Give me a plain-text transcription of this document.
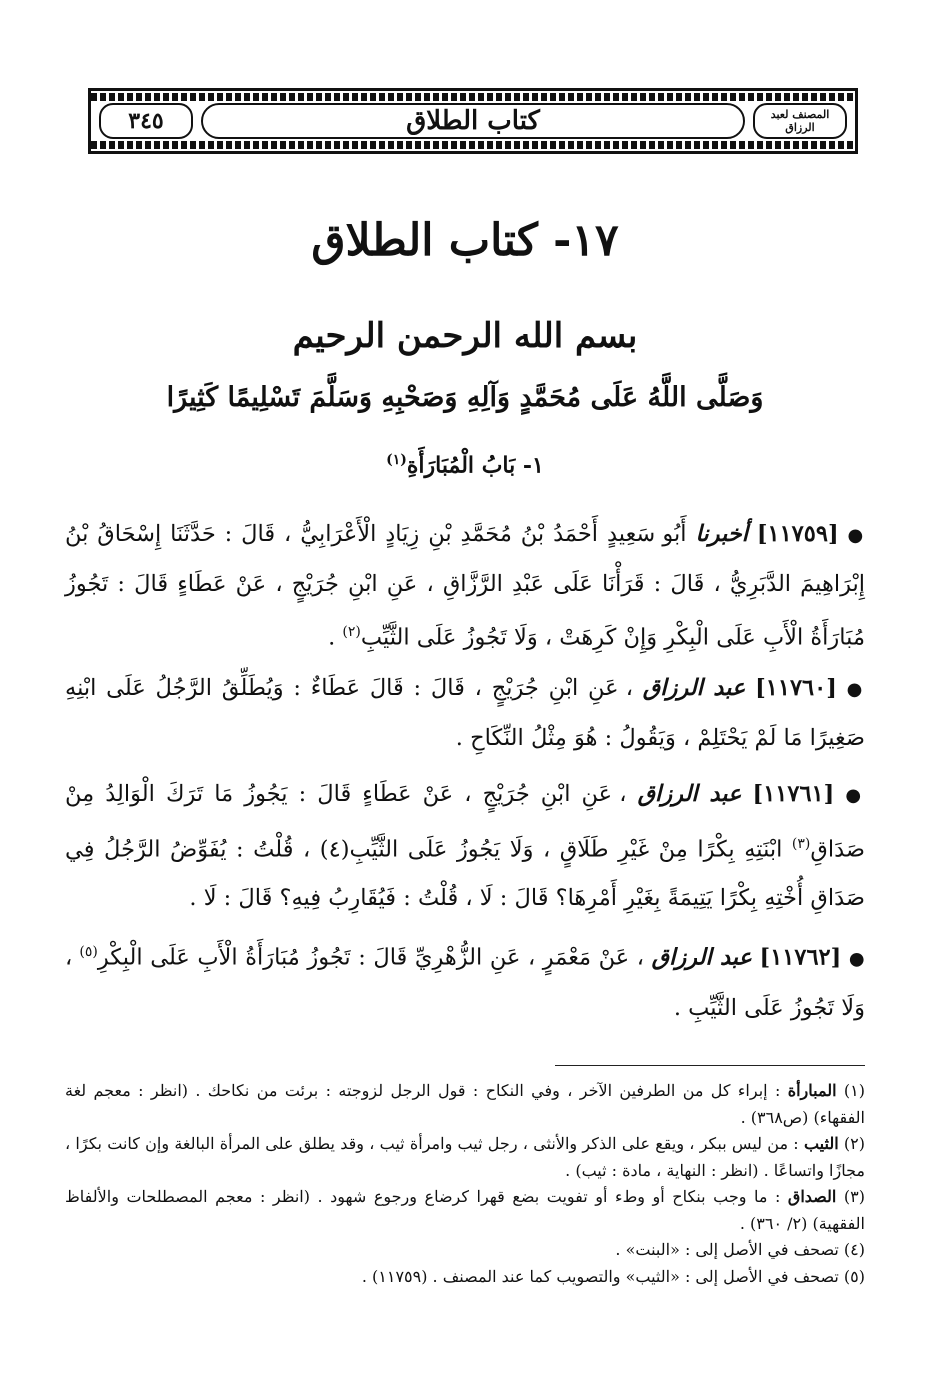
المصنف لعبد الرزاق
كتاب الطلاق
٣٤٥
١٧- كتاب الطلاق
بسم الله الرحمن الرحيم
وَصَلَّى اللَّهُ عَلَى مُحَمَّدٍ وَآلِهِ وَصَحْبِهِ وَسَلَّمَ تَسْلِيمًا كَثِيرًا
١- بَابُ الْمُبَارَأَةِ$^{(١)}$
● [١١٧٥٩] أخبرنا أَبُو سَعِيدٍ أَحْمَدُ بْنُ مُحَمَّدِ بْنِ زِيَادٍ الْأَعْرَابِيُّ ، قَالَ : حَدَّثَنَا إِسْحَاقُ بْنُ إِبْرَاهِيمَ الدَّبَرِيُّ ، قَالَ : قَرَأْنَا عَلَى عَبْدِ الرَّزَّاقِ ، عَنِ ابْنِ جُرَيْجٍ ، عَنْ عَطَاءٍ قَالَ : تَجُوزُ مُبَارَأَةُ الْأَبِ عَلَى الْبِكْرِ وَإِنْ كَرِهَتْ ، وَلَا تَجُوزُ عَلَى الثَّيِّبِ$^{(٢)}$ .
● [١١٧٦٠] عبد الرزاق ، عَنِ ابْنِ جُرَيْجٍ ، قَالَ : قَالَ عَطَاءٌ : وَيُطَلِّقُ الرَّجُلُ عَلَى ابْنِهِ صَغِيرًا مَا لَمْ يَحْتَلِمْ ، وَيَقُولُ : هُوَ مِثْلُ النِّكَاحِ .
● [١١٧٦١] عبد الرزاق ، عَنِ ابْنِ جُرَيْجٍ ، عَنْ عَطَاءٍ قَالَ : يَجُوزُ مَا تَرَكَ الْوَالِدُ مِنْ صَدَاقِ$^{(٣)}$ ابْنَتِهِ بِكْرًا مِنْ غَيْرِ طَلَاقٍ ، وَلَا يَجُوزُ عَلَى الثَّيِّبِ(٤) ، قُلْتُ : يُفَوِّضُ الرَّجُلُ فِي صَدَاقِ أُخْتِهِ بِكْرًا يَتِيمَةً بِغَيْرِ أَمْرِهَا؟ قَالَ : لَا ، قُلْتُ : فَيُقَارِبُ فِيهِ؟ قَالَ : لَا .
● [١١٧٦٢] عبد الرزاق ، عَنْ مَعْمَرٍ ، عَنِ الزُّهْرِيِّ قَالَ : تَجُوزُ مُبَارَأَةُ الْأَبِ عَلَى الْبِكْرِ$^{(٥)}$ ، وَلَا تَجُوزُ عَلَى الثَّيِّبِ .

(١) المبارأة : إبراء كل من الطرفين الآخر ، وفي النكاح : قول الرجل لزوجته : برئت من نكاحك . (انظر : معجم لغة الفقهاء) (ص٣٦٨) .

(٢) الثيب : من ليس ببكر ، ويقع على الذكر والأنثى ، رجل ثيب وامرأة ثيب ، وقد يطلق على المرأة البالغة وإن كانت بكرًا ، مجازًا واتساعًا . (انظر : النهاية ، مادة : ثيب) .

(٣) الصداق : ما وجب بنكاح أو وطء أو تفويت بضع قهرا كرضاع ورجوع شهود . (انظر : معجم المصطلحات والألفاظ الفقهية) (٢/ ٣٦٠) .

(٤) تصحف في الأصل إلى : «البنت» .

(٥) تصحف في الأصل إلى : «الثيب» والتصويب كما عند المصنف . (١١٧٥٩) .
